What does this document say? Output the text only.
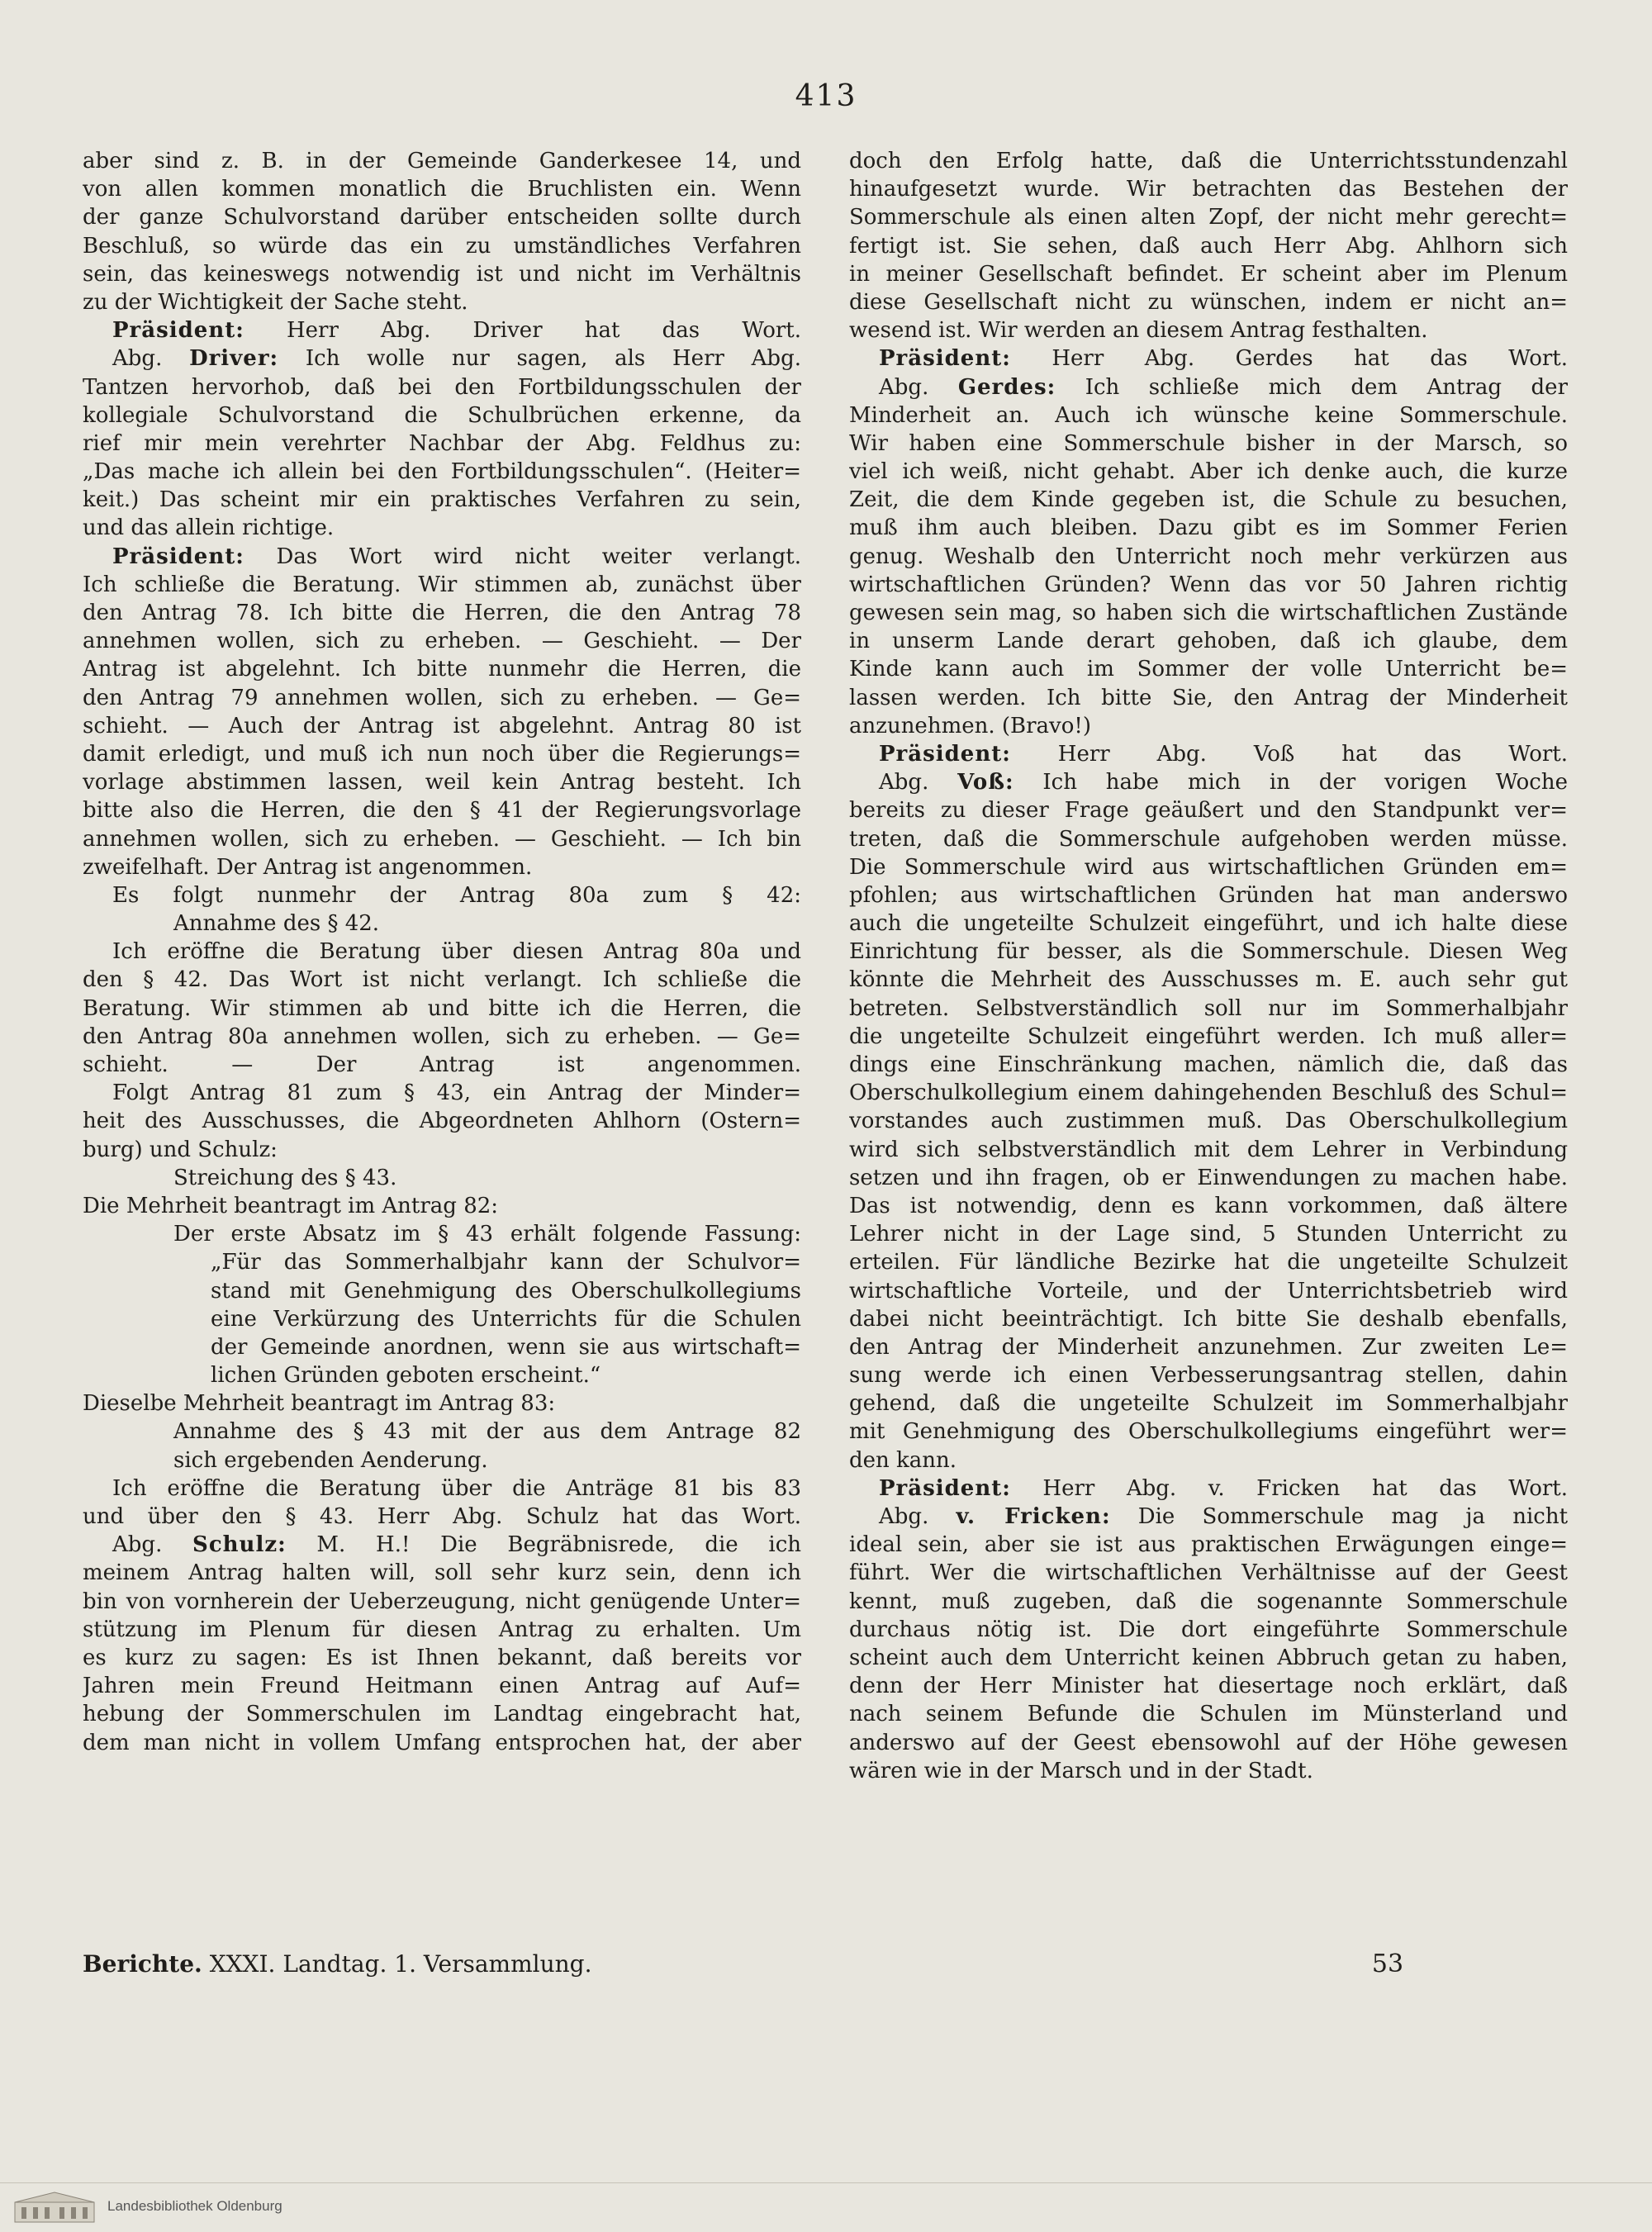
413
aber sind z. B. in der Gemeinde Ganderkesee 14, und
von allen kommen monatlich die Bruchlisten ein. Wenn
der ganze Schulvorstand darüber entscheiden sollte durch
Beschluß, so würde das ein zu umständliches Verfahren
sein, das keineswegs notwendig ist und nicht im Verhältnis
zu der Wichtigkeit der Sache steht.
Präsident: Herr Abg. Driver hat das Wort.
Abg. Driver: Ich wolle nur sagen, als Herr Abg.
Tantzen hervorhob, daß bei den Fortbildungsschulen der
kollegiale Schulvorstand die Schulbrüchen erkenne, da
rief mir mein verehrter Nachbar der Abg. Feldhus zu:
„Das mache ich allein bei den Fortbildungsschulen“. (Heiter=
keit.) Das scheint mir ein praktisches Verfahren zu sein,
und das allein richtige.
Präsident: Das Wort wird nicht weiter verlangt.
Ich schließe die Beratung. Wir stimmen ab, zunächst über
den Antrag 78. Ich bitte die Herren, die den Antrag 78
annehmen wollen, sich zu erheben. — Geschieht. — Der
Antrag ist abgelehnt. Ich bitte nunmehr die Herren, die
den Antrag 79 annehmen wollen, sich zu erheben. — Ge=
schieht. — Auch der Antrag ist abgelehnt. Antrag 80 ist
damit erledigt, und muß ich nun noch über die Regierungs=
vorlage abstimmen lassen, weil kein Antrag besteht. Ich
bitte also die Herren, die den § 41 der Regierungsvorlage
annehmen wollen, sich zu erheben. — Geschieht. — Ich bin
zweifelhaft. Der Antrag ist angenommen.
Es folgt nunmehr der Antrag 80a zum § 42:
Annahme des § 42.
Ich eröffne die Beratung über diesen Antrag 80a und
den § 42. Das Wort ist nicht verlangt. Ich schließe die
Beratung. Wir stimmen ab und bitte ich die Herren, die
den Antrag 80a annehmen wollen, sich zu erheben. — Ge=
schieht. — Der Antrag ist angenommen.
Folgt Antrag 81 zum § 43, ein Antrag der Minder=
heit des Ausschusses, die Abgeordneten Ahlhorn (Ostern=
burg) und Schulz:
Streichung des § 43.
Die Mehrheit beantragt im Antrag 82:
Der erste Absatz im § 43 erhält folgende Fassung:
„Für das Sommerhalbjahr kann der Schulvor=
stand mit Genehmigung des Oberschulkollegiums
eine Verkürzung des Unterrichts für die Schulen
der Gemeinde anordnen, wenn sie aus wirtschaft=
lichen Gründen geboten erscheint.“
Dieselbe Mehrheit beantragt im Antrag 83:
Annahme des § 43 mit der aus dem Antrage 82
sich ergebenden Aenderung.
Ich eröffne die Beratung über die Anträge 81 bis 83
und über den § 43. Herr Abg. Schulz hat das Wort.
Abg. Schulz: M. H.! Die Begräbnisrede, die ich
meinem Antrag halten will, soll sehr kurz sein, denn ich
bin von vornherein der Ueberzeugung, nicht genügende Unter=
stützung im Plenum für diesen Antrag zu erhalten. Um
es kurz zu sagen: Es ist Ihnen bekannt, daß bereits vor
Jahren mein Freund Heitmann einen Antrag auf Auf=
hebung der Sommerschulen im Landtag eingebracht hat,
dem man nicht in vollem Umfang entsprochen hat, der aber
doch den Erfolg hatte, daß die Unterrichtsstundenzahl
hinaufgesetzt wurde. Wir betrachten das Bestehen der
Sommerschule als einen alten Zopf, der nicht mehr gerecht=
fertigt ist. Sie sehen, daß auch Herr Abg. Ahlhorn sich
in meiner Gesellschaft befindet. Er scheint aber im Plenum
diese Gesellschaft nicht zu wünschen, indem er nicht an=
wesend ist. Wir werden an diesem Antrag festhalten.
Präsident: Herr Abg. Gerdes hat das Wort.
Abg. Gerdes: Ich schließe mich dem Antrag der
Minderheit an. Auch ich wünsche keine Sommerschule.
Wir haben eine Sommerschule bisher in der Marsch, so
viel ich weiß, nicht gehabt. Aber ich denke auch, die kurze
Zeit, die dem Kinde gegeben ist, die Schule zu besuchen,
muß ihm auch bleiben. Dazu gibt es im Sommer Ferien
genug. Weshalb den Unterricht noch mehr verkürzen aus
wirtschaftlichen Gründen? Wenn das vor 50 Jahren richtig
gewesen sein mag, so haben sich die wirtschaftlichen Zustände
in unserm Lande derart gehoben, daß ich glaube, dem
Kinde kann auch im Sommer der volle Unterricht be=
lassen werden. Ich bitte Sie, den Antrag der Minderheit
anzunehmen. (Bravo!)
Präsident: Herr Abg. Voß hat das Wort.
Abg. Voß: Ich habe mich in der vorigen Woche
bereits zu dieser Frage geäußert und den Standpunkt ver=
treten, daß die Sommerschule aufgehoben werden müsse.
Die Sommerschule wird aus wirtschaftlichen Gründen em=
pfohlen; aus wirtschaftlichen Gründen hat man anderswo
auch die ungeteilte Schulzeit eingeführt, und ich halte diese
Einrichtung für besser, als die Sommerschule. Diesen Weg
könnte die Mehrheit des Ausschusses m. E. auch sehr gut
betreten. Selbstverständlich soll nur im Sommerhalbjahr
die ungeteilte Schulzeit eingeführt werden. Ich muß aller=
dings eine Einschränkung machen, nämlich die, daß das
Oberschulkollegium einem dahingehenden Beschluß des Schul=
vorstandes auch zustimmen muß. Das Oberschulkollegium
wird sich selbstverständlich mit dem Lehrer in Verbindung
setzen und ihn fragen, ob er Einwendungen zu machen habe.
Das ist notwendig, denn es kann vorkommen, daß ältere
Lehrer nicht in der Lage sind, 5 Stunden Unterricht zu
erteilen. Für ländliche Bezirke hat die ungeteilte Schulzeit
wirtschaftliche Vorteile, und der Unterrichtsbetrieb wird
dabei nicht beeinträchtigt. Ich bitte Sie deshalb ebenfalls,
den Antrag der Minderheit anzunehmen. Zur zweiten Le=
sung werde ich einen Verbesserungsantrag stellen, dahin
gehend, daß die ungeteilte Schulzeit im Sommerhalbjahr
mit Genehmigung des Oberschulkollegiums eingeführt wer=
den kann.
Präsident: Herr Abg. v. Fricken hat das Wort.
Abg. v. Fricken: Die Sommerschule mag ja nicht
ideal sein, aber sie ist aus praktischen Erwägungen einge=
führt. Wer die wirtschaftlichen Verhältnisse auf der Geest
kennt, muß zugeben, daß die sogenannte Sommerschule
durchaus nötig ist. Die dort eingeführte Sommerschule
scheint auch dem Unterricht keinen Abbruch getan zu haben,
denn der Herr Minister hat diesertage noch erklärt, daß
nach seinem Befunde die Schulen im Münsterland und
anderswo auf der Geest ebensowohl auf der Höhe gewesen
wären wie in der Marsch und in der Stadt.
Berichte. XXXI. Landtag. 1. Versammlung.	53
Landesbibliothek Oldenburg
